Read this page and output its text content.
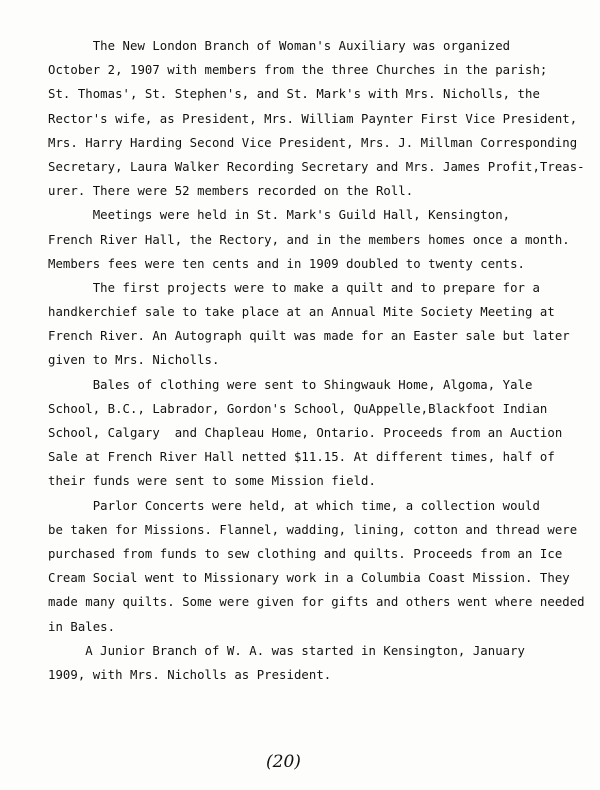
The New London Branch of Woman's Auxiliary was organized
October 2, 1907 with members from the three Churches in the parish;
St. Thomas', St. Stephen's, and St. Mark's with Mrs. Nicholls, the
Rector's wife, as President, Mrs. William Paynter First Vice President,
Mrs. Harry Harding Second Vice President, Mrs. J. Millman Corresponding
Secretary, Laura Walker Recording Secretary and Mrs. James Profit,Treas-
urer. There were 52 members recorded on the Roll.
Meetings were held in St. Mark's Guild Hall, Kensington,
French River Hall, the Rectory, and in the members homes once a month.
Members fees were ten cents and in 1909 doubled to twenty cents.
The first projects were to make a quilt and to prepare for a
handkerchief sale to take place at an Annual Mite Society Meeting at
French River. An Autograph quilt was made for an Easter sale but later
given to Mrs. Nicholls.
Bales of clothing were sent to Shingwauk Home, Algoma, Yale
School, B.C., Labrador, Gordon's School, QuAppelle,Blackfoot Indian
School, Calgary  and Chapleau Home, Ontario. Proceeds from an Auction
Sale at French River Hall netted $11.15. At different times, half of
their funds were sent to some Mission field.
Parlor Concerts were held, at which time, a collection would
be taken for Missions. Flannel, wadding, lining, cotton and thread were
purchased from funds to sew clothing and quilts. Proceeds from an Ice
Cream Social went to Missionary work in a Columbia Coast Mission. They
made many quilts. Some were given for gifts and others went where needed
in Bales.
A Junior Branch of W. A. was started in Kensington, January
1909, with Mrs. Nicholls as President.
(20)
